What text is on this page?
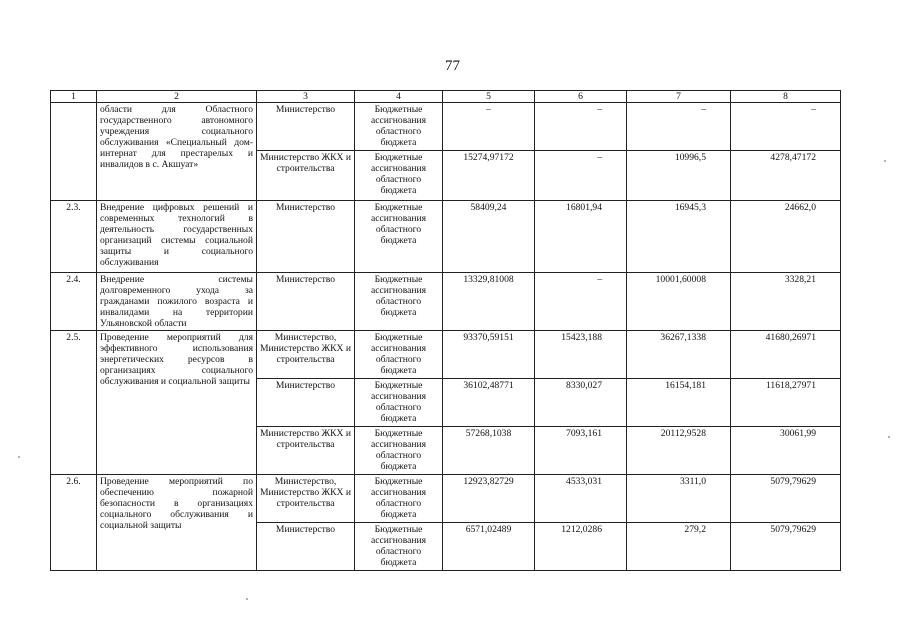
77
1	2	3	4	5	6	7	8
	области для Областного государственного автономного учреждения социального обслуживания «Специальный дом-интернат для престарелых и инвалидов в с. Акшуат»	Министерство	Бюджетные ассигнования областного бюджета	–	–	–	–
		Министерство ЖКХ и строительства	Бюджетные ассигнования областного бюджета	15274,97172	–	10996,5	4278,47172
2.3.	Внедрение цифровых решений и современных технологий в деятельность государственных организаций системы социальной защиты и социального обслуживания	Министерство	Бюджетные ассигнования областного бюджета	58409,24	16801,94	16945,3	24662,0
2.4.	Внедрение системы долговременного ухода за гражданами пожилого возраста и инвалидами на территории Ульяновской области	Министерство	Бюджетные ассигнования областного бюджета	13329,81008	–	10001,60008	3328,21
2.5.	Проведение мероприятий для эффективного использования энергетических ресурсов в организациях социального обслуживания и социальной защиты	Министерство, Министерство ЖКХ и строительства	Бюджетные ассигнования областного бюджета	93370,59151	15423,188	36267,1338	41680,26971
		Министерство	Бюджетные ассигнования областного бюджета	36102,48771	8330,027	16154,181	11618,27971
		Министерство ЖКХ и строительства	Бюджетные ассигнования областного бюджета	57268,1038	7093,161	20112,9528	30061,99
2.6.	Проведение мероприятий по обеспечению пожарной безопасности в организациях социального обслуживания и социальной защиты	Министерство, Министерство ЖКХ и строительства	Бюджетные ассигнования областного бюджета	12923,82729	4533,031	3311,0	5079,79629
		Министерство	Бюджетные ассигнования областного бюджета	6571,02489	1212,0286	279,2	5079,79629
